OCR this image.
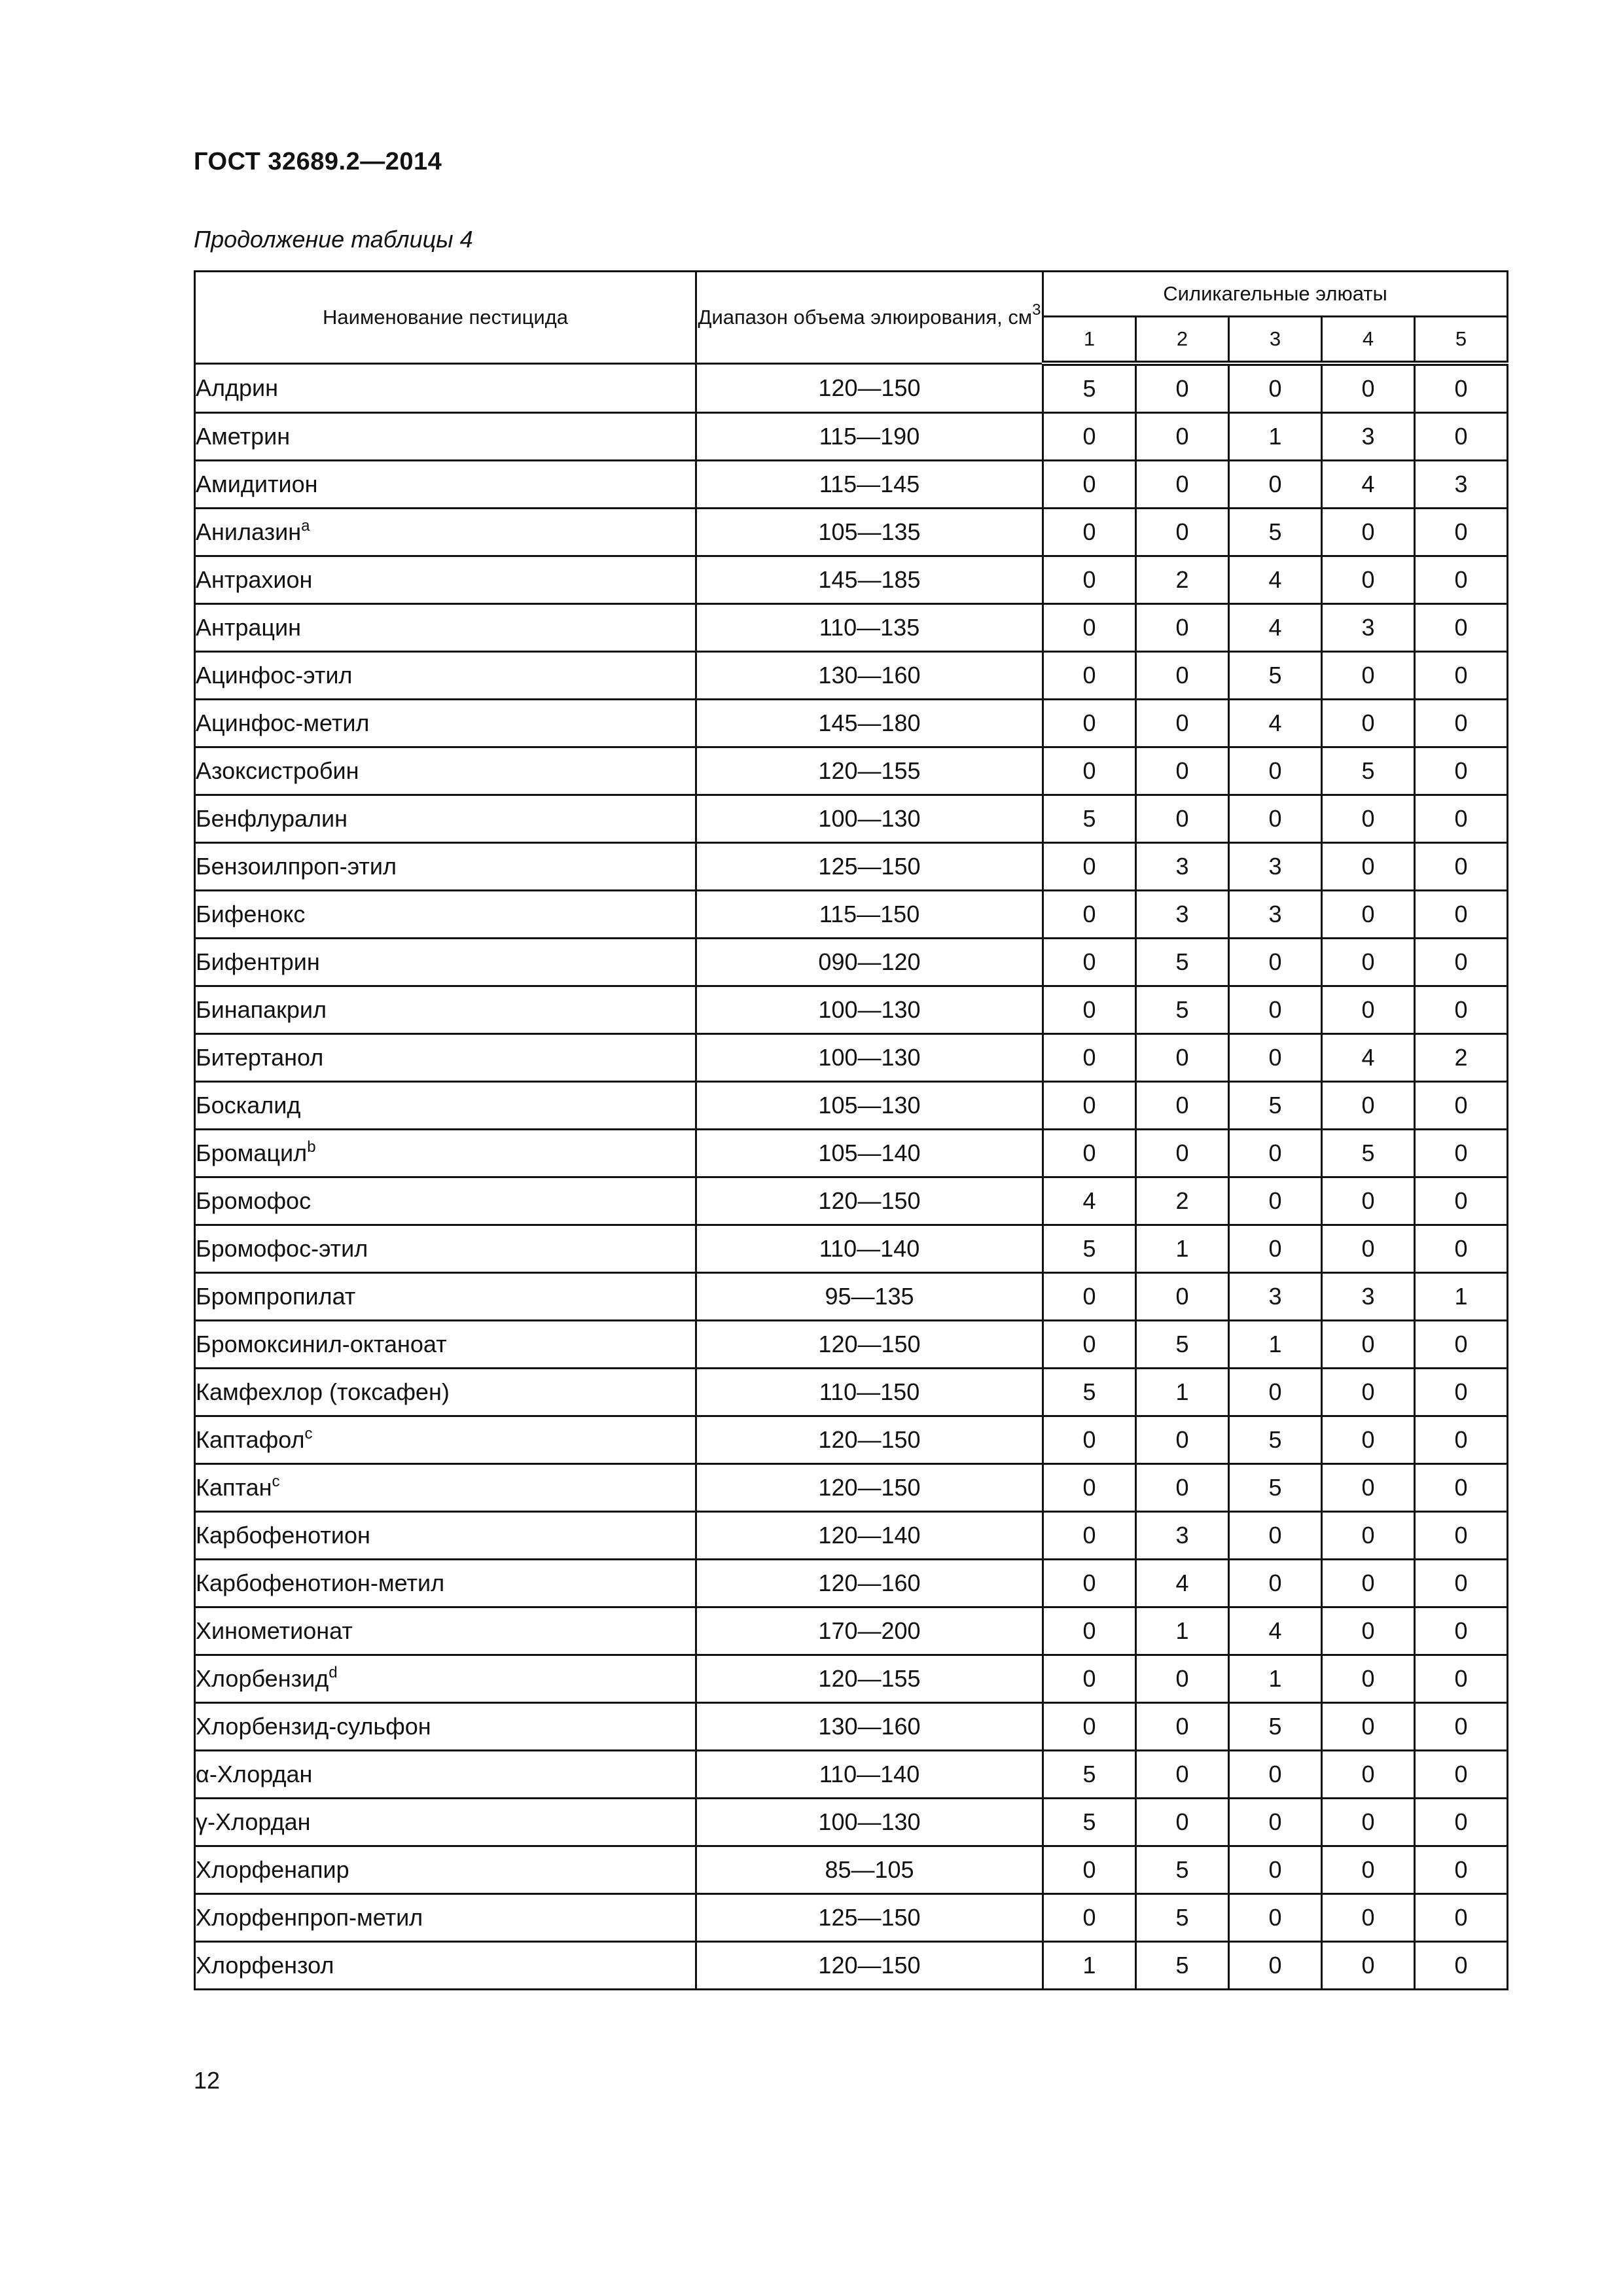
ГОСТ 32689.2—2014
Продолжение таблицы 4
Наименование пестицида	Диапазон объема элюирования, $см^3$	Силикагельные элюаты				
		1	2	3	4	5
Алдрин	120—150	5	0	0	0	0
Аметрин	115—190	0	0	1	3	0
Амидитион	115—145	0	0	0	4	3
Анилазин$^a$	105—135	0	0	5	0	0
Антрахион	145—185	0	2	4	0	0
Антрацин	110—135	0	0	4	3	0
Ацинфос-этил	130—160	0	0	5	0	0
Ацинфос-метил	145—180	0	0	4	0	0
Азоксистробин	120—155	0	0	0	5	0
Бенфлуралин	100—130	5	0	0	0	0
Бензоилпроп-этил	125—150	0	3	3	0	0
Бифенокс	115—150	0	3	3	0	0
Бифентрин	090—120	0	5	0	0	0
Бинапакрил	100—130	0	5	0	0	0
Битертанол	100—130	0	0	0	4	2
Боскалид	105—130	0	0	5	0	0
Бромацил$^b$	105—140	0	0	0	5	0
Бромофос	120—150	4	2	0	0	0
Бромофос-этил	110—140	5	1	0	0	0
Бромпропилат	95—135	0	0	3	3	1
Бромоксинил-октаноат	120—150	0	5	1	0	0
Камфехлор (токсафен)	110—150	5	1	0	0	0
Каптафол$^c$	120—150	0	0	5	0	0
Каптан$^c$	120—150	0	0	5	0	0
Карбофенотион	120—140	0	3	0	0	0
Карбофенотион-метил	120—160	0	4	0	0	0
Хинометионат	170—200	0	1	4	0	0
Хлорбензид$^d$	120—155	0	0	1	0	0
Хлорбензид-сульфон	130—160	0	0	5	0	0
α-Хлордан	110—140	5	0	0	0	0
γ-Хлордан	100—130	5	0	0	0	0
Хлорфенапир	85—105	0	5	0	0	0
Хлорфенпроп-метил	125—150	0	5	0	0	0
Хлорфензол	120—150	1	5	0	0	0
12
